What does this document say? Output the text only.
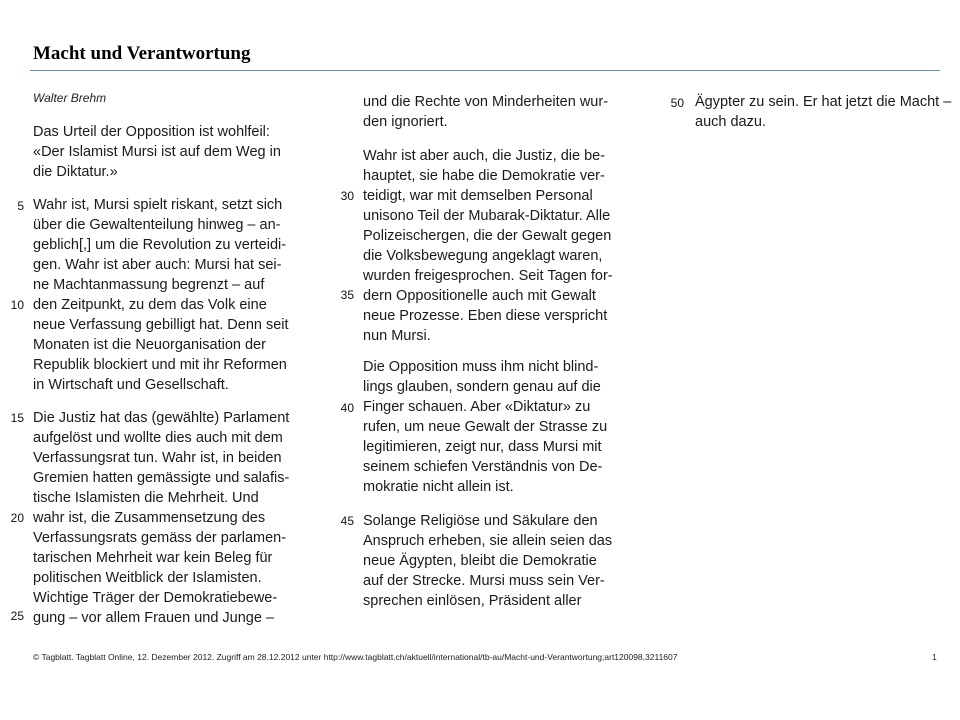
Macht und Verantwortung
Walter Brehm
Das Urteil der Opposition ist wohlfeil:
«Der Islamist Mursi ist auf dem Weg in
die Diktatur.»
Wahr ist, Mursi spielt riskant, setzt sich
über die Gewaltenteilung hinweg – an-
geblich[,] um die Revolution zu verteidi-
gen. Wahr ist aber auch: Mursi hat sei-
ne Machtanmassung begrenzt – auf
den Zeitpunkt, zu dem das Volk eine
neue Verfassung gebilligt hat. Denn seit
Monaten ist die Neuorganisation der
Republik blockiert und mit ihr Reformen
in Wirtschaft und Gesellschaft.
Die Justiz hat das (gewählte) Parlament
aufgelöst und wollte dies auch mit dem
Verfassungsrat tun. Wahr ist, in beiden
Gremien hatten gemässigte und salafis-
tische Islamisten die Mehrheit. Und
wahr ist, die Zusammensetzung des
Verfassungsrats gemäss der parlamen-
tarischen Mehrheit war kein Beleg für
politischen Weitblick der Islamisten.
Wichtige Träger der Demokratiebewe-
gung – vor allem Frauen und Junge –
und die Rechte von Minderheiten wur-
den ignoriert.
Wahr ist aber auch, die Justiz, die be-
hauptet, sie habe die Demokratie ver-
teidigt, war mit demselben Personal
unisono Teil der Mubarak-Diktatur. Alle
Polizeischergen, die der Gewalt gegen
die Volksbewegung angeklagt waren,
wurden freigesprochen. Seit Tagen for-
dern Oppositionelle auch mit Gewalt
neue Prozesse. Eben diese verspricht
nun Mursi.
Die Opposition muss ihm nicht blind-
lings glauben, sondern genau auf die
Finger schauen. Aber «Diktatur» zu
rufen, um neue Gewalt der Strasse zu
legitimieren, zeigt nur, dass Mursi mit
seinem schiefen Verständnis von De-
mokratie nicht allein ist.
Solange Religiöse und Säkulare den
Anspruch erheben, sie allein seien das
neue Ägypten, bleibt die Demokratie
auf der Strecke. Mursi muss sein Ver-
sprechen einlösen, Präsident aller
Ägypter zu sein. Er hat jetzt die Macht –
auch dazu.
5
10
15
20
25
30
35
40
45
50
© Tagblatt. Tagblatt Online, 12. Dezember 2012. Zugriff am 28.12.2012 unter http://www.tagblatt.ch/aktuell/international/tb-au/Macht-und-Verantwortung;art120098,3211607	1
